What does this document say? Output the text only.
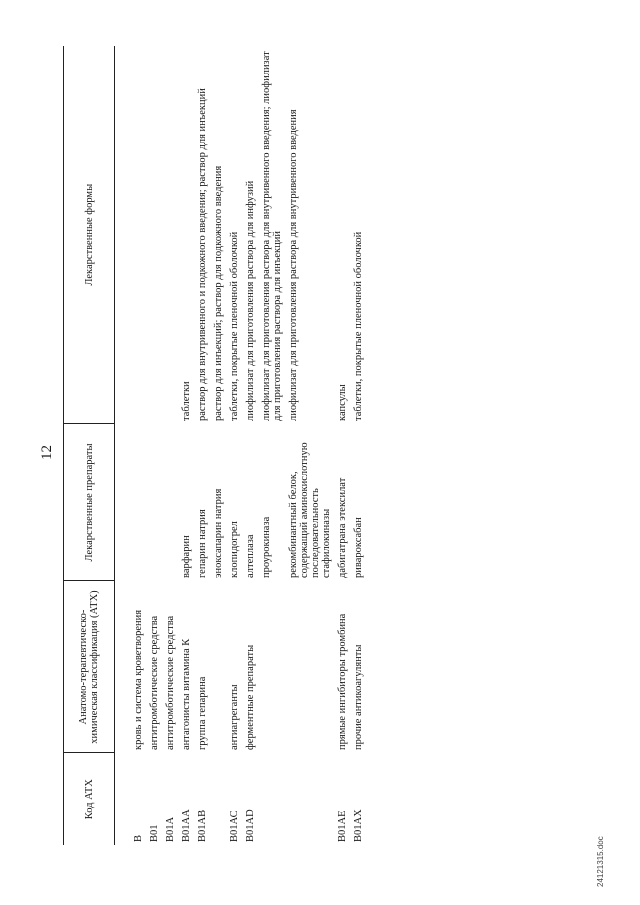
12
Код АТХ	Анатомо-терапевтическо-химическая классификация (АТХ)	Лекарственные препараты	Лекарственные формы
В	кровь и система кроветворения		
В01	антитромботические средства		
В01А	антитромботические средства		
В01АА	антагонисты витамина К	варфарин	таблетки
В01АВ	группа гепарина	гепарин натрия	раствор для внутривенного и подкожного введения; раствор для инъекций
		эноксапарин натрия	раствор для инъекций; раствор для подкожного введения
В01АС	антиагреганты	клопидогрел	таблетки, покрытые пленочной оболочкой
В01AD	ферментные препараты	алтеплаза	лиофилизат для приготовления раствора для инфузий
		проурокиназа	лиофилизат для приготовления раствора для внутривенного введения; лиофилизат для приготовления раствора для инъекций
		рекомбинантный белок, содержащий аминокислотную последовательность стафилокиназы	лиофилизат для приготовления раствора для внутривенного введения
В01АЕ	прямые ингибиторы тромбина	дабигатрана этексилат	капсулы
В01АХ	прочие антикоагулянты	ривароксабан	таблетки, покрытые пленочной оболочкой
24121315.doc
